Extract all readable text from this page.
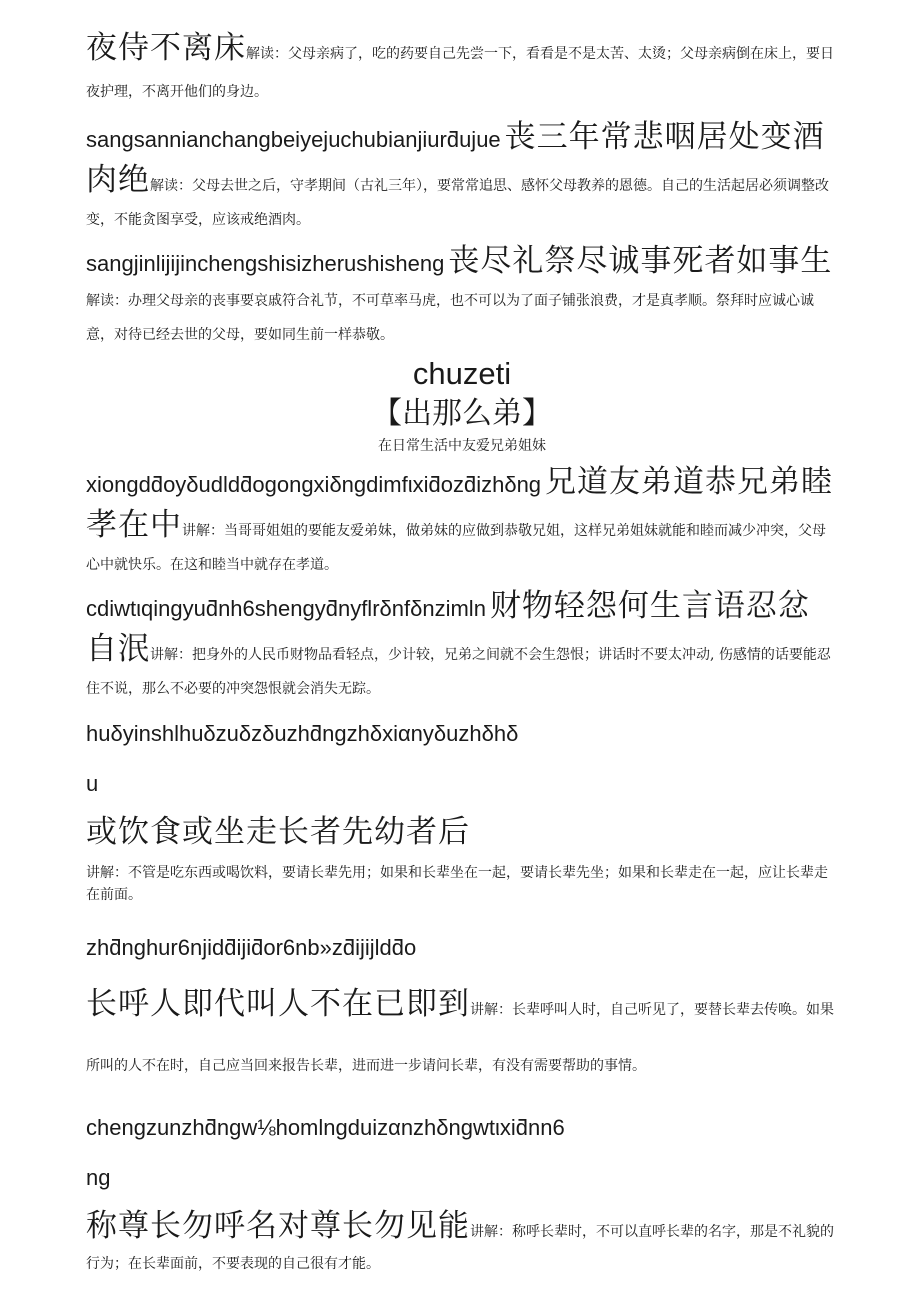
夜侍不离床解读：父母亲病了，吃的药要自己先尝一下，看看是不是太苦、太烫；父母亲病倒在床上，要日夜护理，不离开他们的身边。

sangsannianchangbeiyejuchubianjiurƌujue 丧三年常悲咽居处变酒肉绝解读：父母去世之后，守孝期间（古礼三年），要常常追思、感怀父母教养的恩德。自己的生活起居必须调整改变，不能贪图享受，应该戒绝酒肉。

sangjinlijijinchengshisizherushisheng 丧尽礼祭尽诚事死者如事生解读：办理父母亲的丧事要哀戚符合礼节，不可草率马虎，也不可以为了面子铺张浪费，才是真孝顺。祭拜时应诚心诚意，对待已经去世的父母，要如同生前一样恭敬。

chuzeti
【出那么弟】
在日常生活中友爱兄弟姐妹

xiongdƌoyδudldƌogongxiδngdimfιxiƌozƌizhδng 兄道友弟道恭兄弟睦孝在中讲解：当哥哥姐姐的要能友爱弟妹，做弟妹的应做到恭敬兄姐，这样兄弟姐妹就能和睦而减少冲突，父母心中就快乐。在这和睦当中就存在孝道。

cdiwtιqingyuƌnh6shengyƌnyflrδnfδnzimln 财物轻怨何生言语忍忿自泯讲解：把身外的人民币财物品看轻点，少计较，兄弟之间就不会生怨恨；讲话时不要太冲动, 伤感情的话要能忍住不说，那么不必要的冲突怨恨就会消失无踪。

huδyinshlhuδzuδzδuzhƌngzhδxiαnyδuzhδhδ

u

或饮食或坐走长者先幼者后

讲解：不管是吃东西或喝饮料，要请长辈先用；如果和长辈坐在一起，要请长辈先坐；如果和长辈走在一起，应让长辈走在前面。

zhƌnghur6njidƌijiƌor6nb»zƌijijldƌo

长呼人即代叫人不在已即到讲解：长辈呼叫人时，自己听见了，要替长辈去传唤。如果所叫的人不在时，自己应当回来报告长辈，进而进一步请问长辈，有没有需要帮助的事情。

chengzunzhƌngw⅛homlngduizαnzhδngwtιxiƌnn6

ng

称尊长勿呼名对尊长勿见能讲解：称呼长辈时，不可以直呼长辈的名字，那是不礼貌的行为；在长辈面前，不要表现的自己很有才能。
